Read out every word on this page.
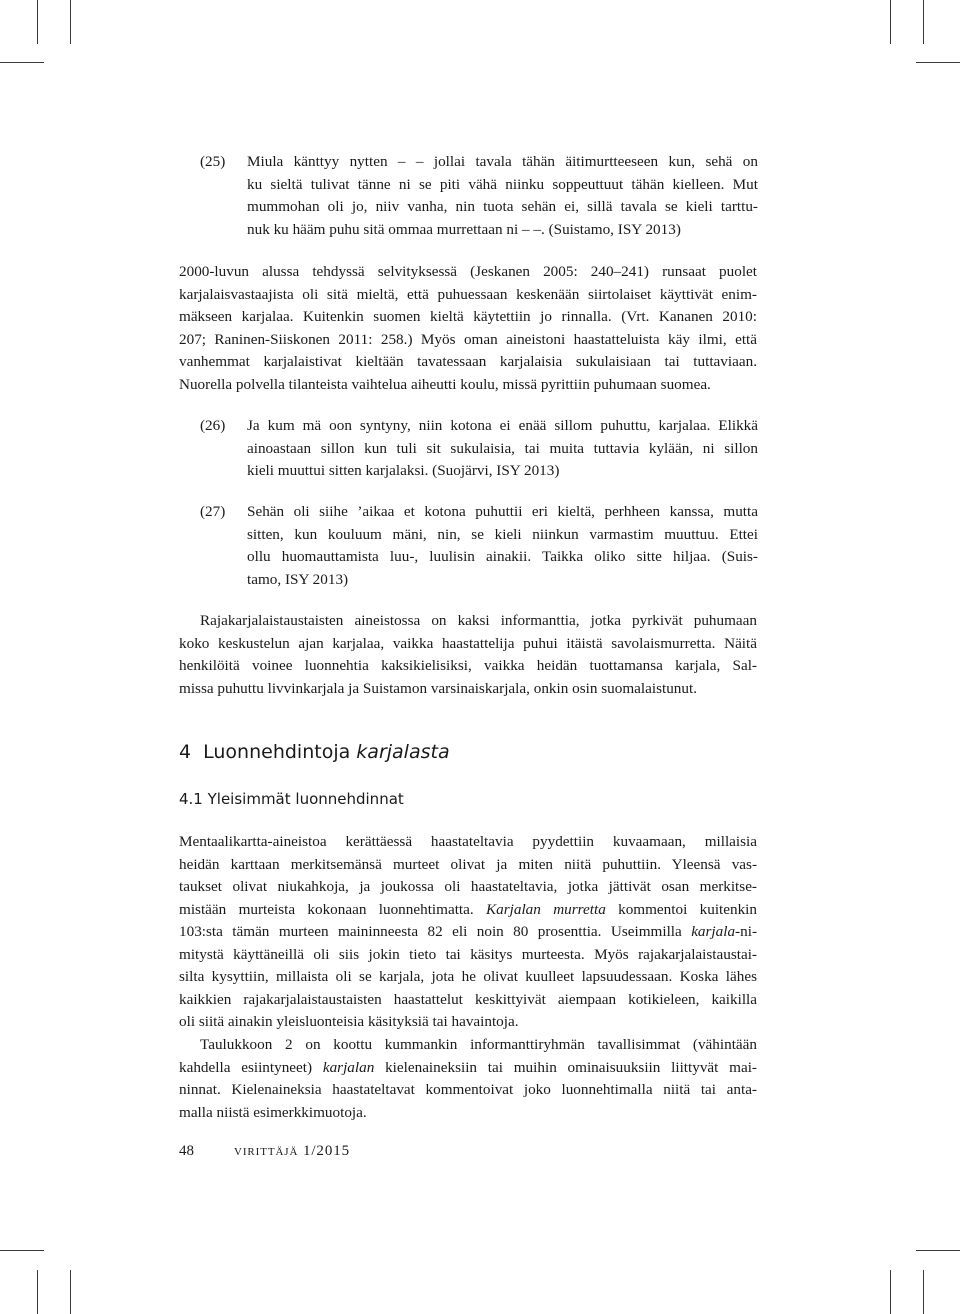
(25) Miula känttyy nytten – – jollai tavala tähän äitimurtteeseen kun, sehä on
ku sieltä tulivat tänne ni se piti vähä niinku soppeuttuut tähän kielleen. Mut
mummohan oli jo, niiv vanha, nin tuota sehän ei, sillä tavala se kieli tarttu-
nuk ku hääm puhu sitä ommaa murrettaan ni – –. (Suistamo, ISY 2013)
2000-luvun alussa tehdyssä selvityksessä (Jeskanen 2005: 240–241) runsaat puolet
karjalaisvastaajista oli sitä mieltä, että puhuessaan keskenään siirtolaiset käyttivät enim-
mäkseen karjalaa. Kuitenkin suomen kieltä käytettiin jo rinnalla. (Vrt. Kananen 2010:
207; Raninen-Siiskonen 2011: 258.) Myös oman aineistoni haastatteluista käy ilmi, että
vanhemmat karjalaistivat kieltään tavatessaan karjalaisia sukulaisiaan tai tuttaviaan.
Nuorella polvella tilanteista vaihtelua aiheutti koulu, missä pyrittiin puhumaan suomea.
(26) Ja kum mä oon syntyny, niin kotona ei enää sillom puhuttu, karjalaa. Elikkä
ainoastaan sillon kun tuli sit sukulaisia, tai muita tuttavia kylään, ni sillon
kieli muuttui sitten karjalaksi. (Suojärvi, ISY 2013)
(27) Sehän oli siihe ’aikaa et kotona puhuttii eri kieltä, perhheen kanssa, mutta
sitten, kun kouluum mäni, nin, se kieli niinkun varmastim muuttuu. Ettei
ollu huomauttamista luu-, luulisin ainakii. Taikka oliko sitte hiljaa. (Suis-
tamo, ISY 2013)
Rajakarjalaistaustaisten aineistossa on kaksi informanttia, jotka pyrkivät puhumaan
koko keskustelun ajan karjalaa, vaikka haastattelija puhui itäistä savolaismurretta. Näitä
henkilöitä voinee luonnehtia kaksikielisiksi, vaikka heidän tuottamansa karjala, Sal-
missa puhuttu livvinkarjala ja Suistamon varsinaiskarjala, onkin osin suomalaistunut.
4 Luonnehdintoja karjalasta
4.1 Yleisimmät luonnehdinnat
Mentaalikartta-aineistoa kerättäessä haastateltavia pyydettiin kuvaamaan, millaisia
heidän karttaan merkitsemänsä murteet olivat ja miten niitä puhuttiin. Yleensä vas-
taukset olivat niukahkoja, ja joukossa oli haastateltavia, jotka jättivät osan merkitse-
mistään murteista kokonaan luonnehtimatta. Karjalan murretta kommentoi kuitenkin
103:sta tämän murteen maininneesta 82 eli noin 80 prosenttia. Useimmilla karjala-ni-
mitystä käyttäneillä oli siis jokin tieto tai käsitys murteesta. Myös rajakarjalaistaustai-
silta kysyttiin, millaista oli se karjala, jota he olivat kuulleet lapsuudessaan. Koska lähes
kaikkien rajakarjalaistaustaisten haastattelut keskittyivät aiempaan kotikieleen, kaikilla
oli siitä ainakin yleisluonteisia käsityksiä tai havaintoja.
Taulukkoon 2 on koottu kummankin informanttiryhmän tavallisimmat (vähintään
kahdella esiintyneet) karjalan kielenaineksiin tai muihin ominaisuuksiin liittyvät mai-
ninnat. Kielenaineksia haastateltavat kommentoivat joko luonnehtimalla niitä tai anta-
malla niistä esimerkkimuotoja.
48	virittäjä 1/2015
